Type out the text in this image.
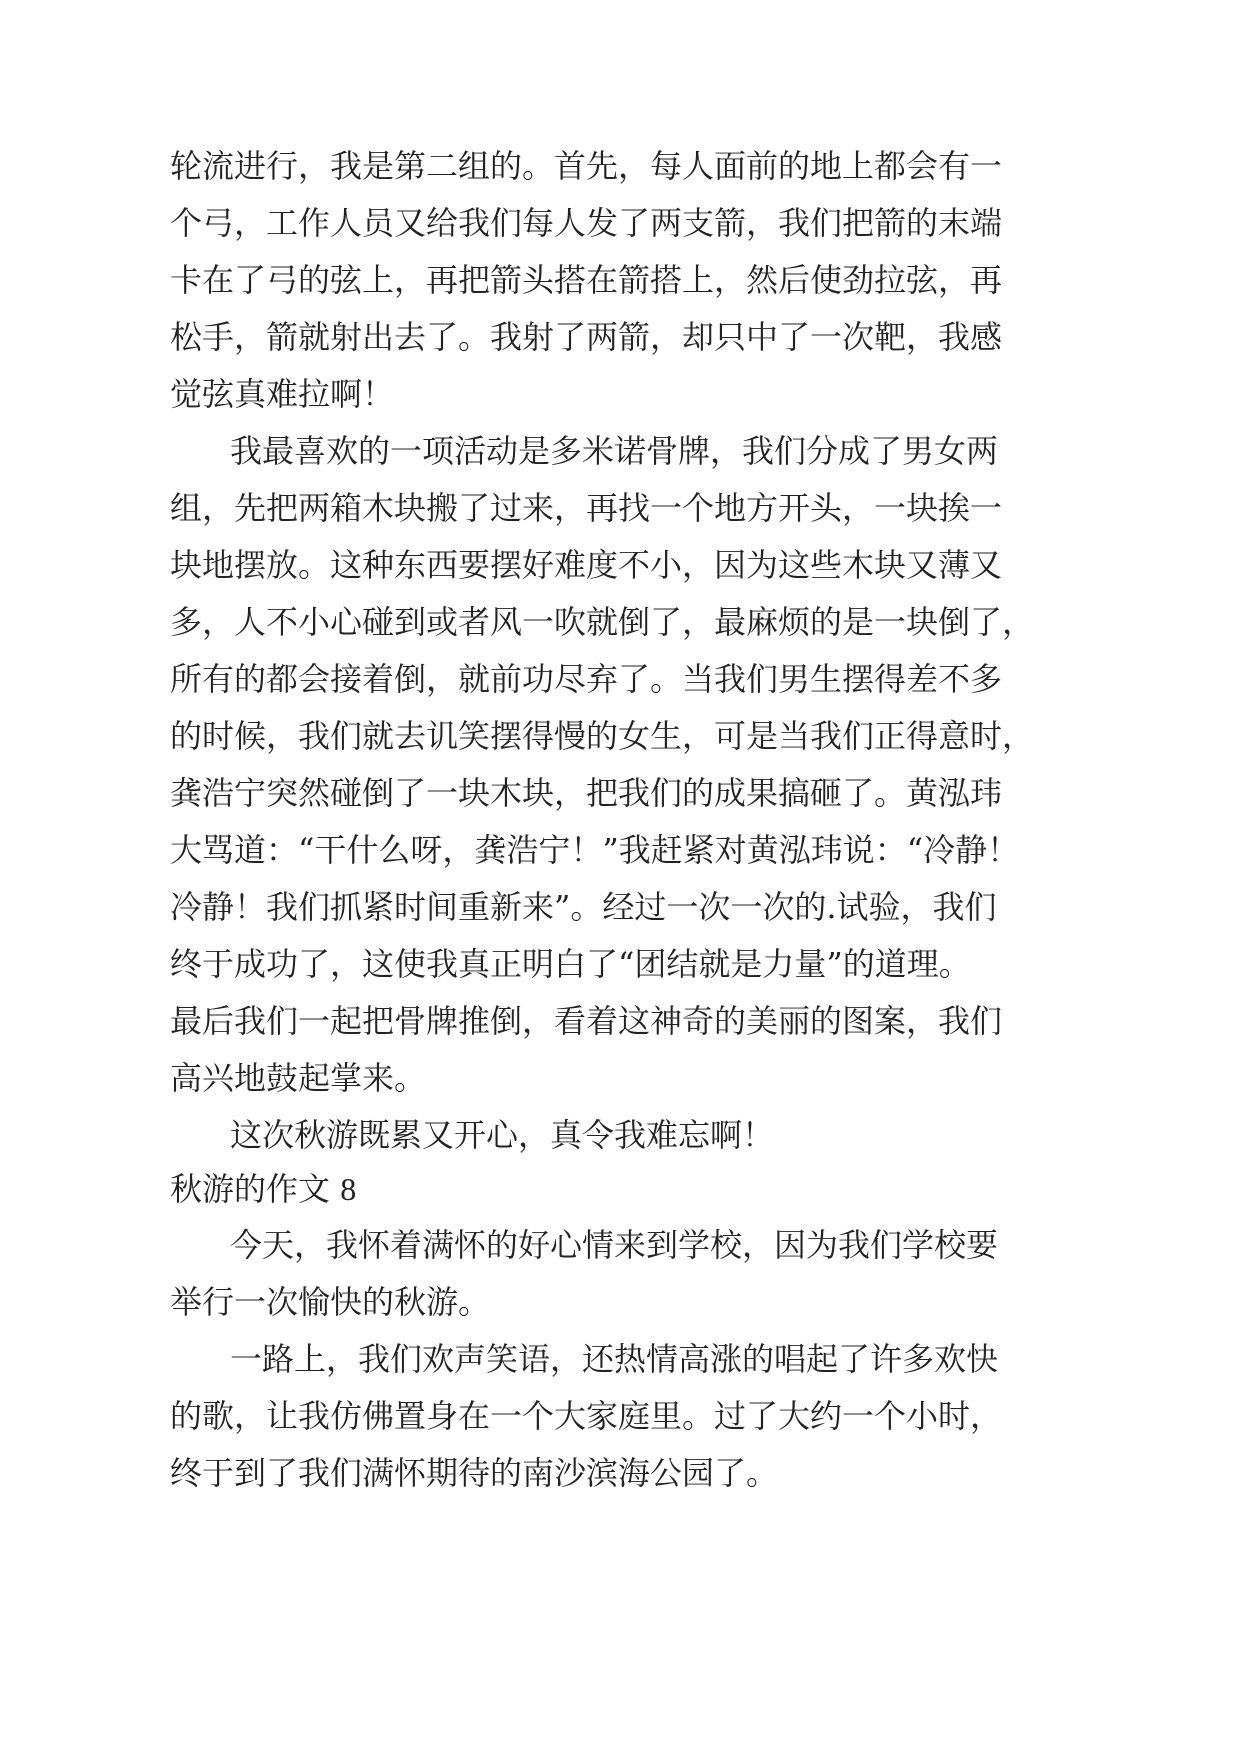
轮流进行，我是第二组的。首先，每人面前的地上都会有一

个弓，工作人员又给我们每人发了两支箭，我们把箭的末端

卡在了弓的弦上，再把箭头搭在箭搭上，然后使劲拉弦，再

松手，箭就射出去了。我射了两箭，却只中了一次靶，我感

觉弦真难拉啊！

我最喜欢的一项活动是多米诺骨牌，我们分成了男女两

组，先把两箱木块搬了过来，再找一个地方开头，一块挨一

块地摆放。这种东西要摆好难度不小，因为这些木块又薄又

多，人不小心碰到或者风一吹就倒了，最麻烦的是一块倒了，

所有的都会接着倒，就前功尽弃了。当我们男生摆得差不多

的时候，我们就去讥笑摆得慢的女生，可是当我们正得意时，

龚浩宁突然碰倒了一块木块，把我们的成果搞砸了。黄泓玮

大骂道：“干什么呀，龚浩宁！”我赶紧对黄泓玮说：“冷静！

冷静！我们抓紧时间重新来”。经过一次一次的.试验，我们

终于成功了，这使我真正明白了“团结就是力量”的道理。

最后我们一起把骨牌推倒，看着这神奇的美丽的图案，我们

高兴地鼓起掌来。

这次秋游既累又开心，真令我难忘啊！

秋游的作文 8

今天，我怀着满怀的好心情来到学校，因为我们学校要

举行一次愉快的秋游。

一路上，我们欢声笑语，还热情高涨的唱起了许多欢快

的歌，让我仿佛置身在一个大家庭里。过了大约一个小时，

终于到了我们满怀期待的南沙滨海公园了。
